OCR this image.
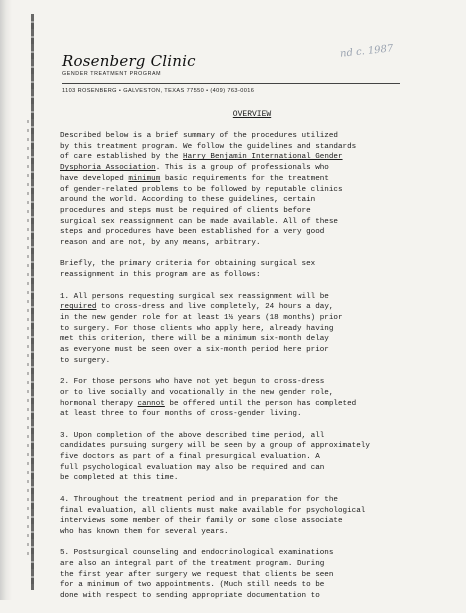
Rosenberg Clinic
GENDER TREATMENT PROGRAM
1103 ROSENBERG • GALVESTON, TEXAS 77550 • (409) 763-0016
nd c. 1987
OVERVIEW
Described below is a brief summary of the procedures utilized
by this treatment program. We follow the guidelines and standards
of care established by the Harry Benjamin International Gender
Dysphoria Association. This is a group of professionals who
have developed minimum basic requirements for the treatment
of gender-related problems to be followed by reputable clinics
around the world. According to these guidelines, certain
procedures and steps must be required of clients before
surgical sex reassignment can be made available. All of these
steps and procedures have been established for a very good
reason and are not, by any means, arbitrary.
Briefly, the primary criteria for obtaining surgical sex
reassignment in this program are as follows:
1. All persons requesting surgical sex reassignment will be
required to cross-dress and live completely, 24 hours a day,
in the new gender role for at least 1½ years (18 months) prior
to surgery. For those clients who apply here, already having
met this criterion, there will be a minimum six-month delay
as everyone must be seen over a six-month period here prior
to surgery.
2. For those persons who have not yet begun to cross-dress
or to live socially and vocationally in the new gender role,
hormonal therapy cannot be offered until the person has completed
at least three to four months of cross-gender living.
3. Upon completion of the above described time period, all
candidates pursuing surgery will be seen by a group of approximately
five doctors as part of a final presurgical evaluation. A
full psychological evaluation may also be required and can
be completed at this time.
4. Throughout the treatment period and in preparation for the
final evaluation, all clients must make available for psychological
interviews some member of their family or some close associate
who has known them for several years.
5. Postsurgical counseling and endocrinological examinations
are also an integral part of the treatment program. During
the first year after surgery we request that clients be seen
for a minimum of two appointments. (Much still needs to be
done with respect to sending appropriate documentation to
